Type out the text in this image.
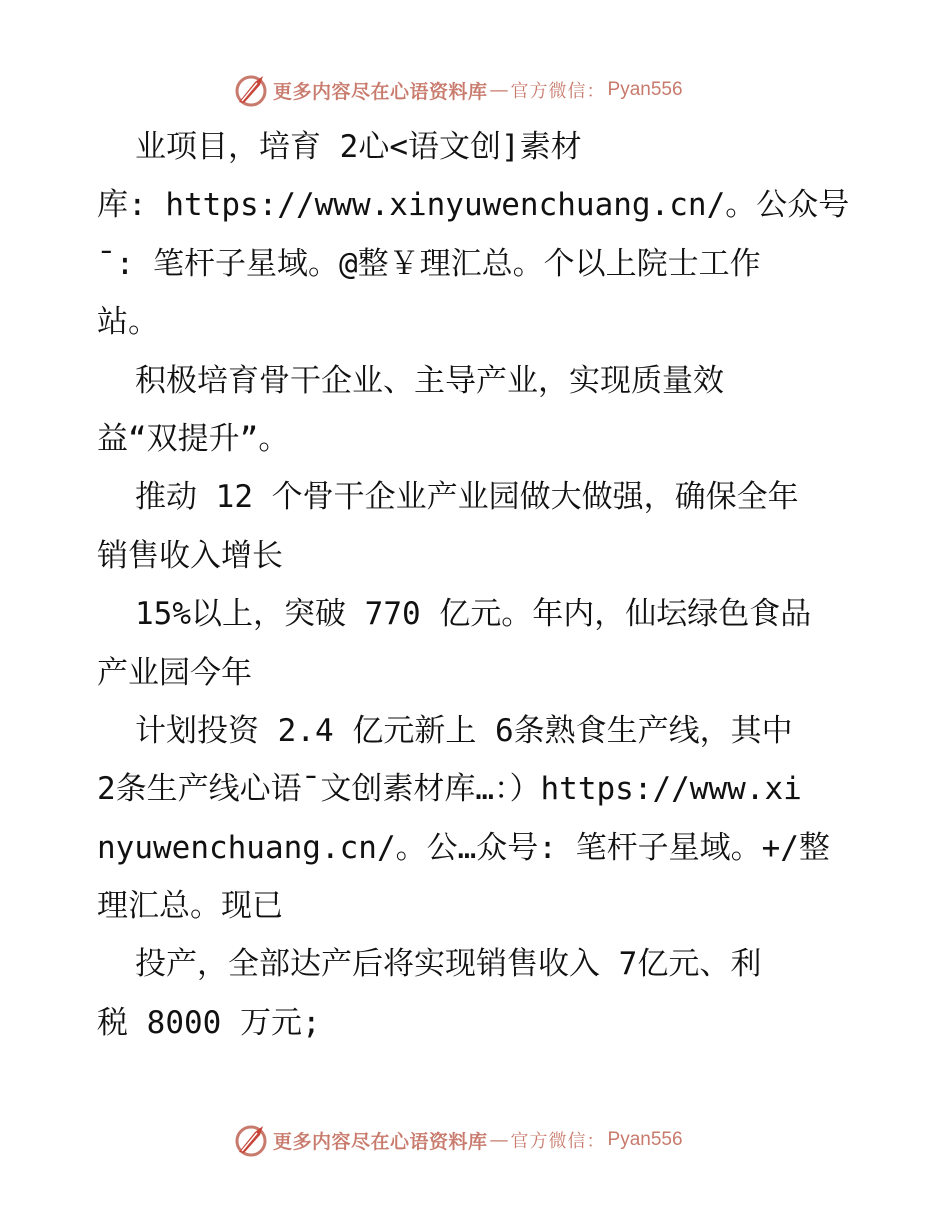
更多内容尽在心语资料库 — 官方微信： Pyan556
业项目，培育 2心<语文创]素材
库: https://www.xinyuwenchuang.cn/。公众号
¯: 笔杆子星域。@整￥理汇总。个以上院士工作
站。
积极培育骨干企业、主导产业，实现质量效
益“双提升”。
推动 12 个骨干企业产业园做大做强，确保全年
销售收入增长
15%以上，突破 770 亿元。年内，仙坛绿色食品
产业园今年
计划投资 2.4 亿元新上 6条熟食生产线，其中
2条生产线心语¯文创素材库…：）https://www.xi
nyuwenchuang.cn/。公…众号: 笔杆子星域。+/整
理汇总。现已
投产，全部达产后将实现销售收入 7亿元、利
税 8000 万元;
更多内容尽在心语资料库 — 官方微信： Pyan556
